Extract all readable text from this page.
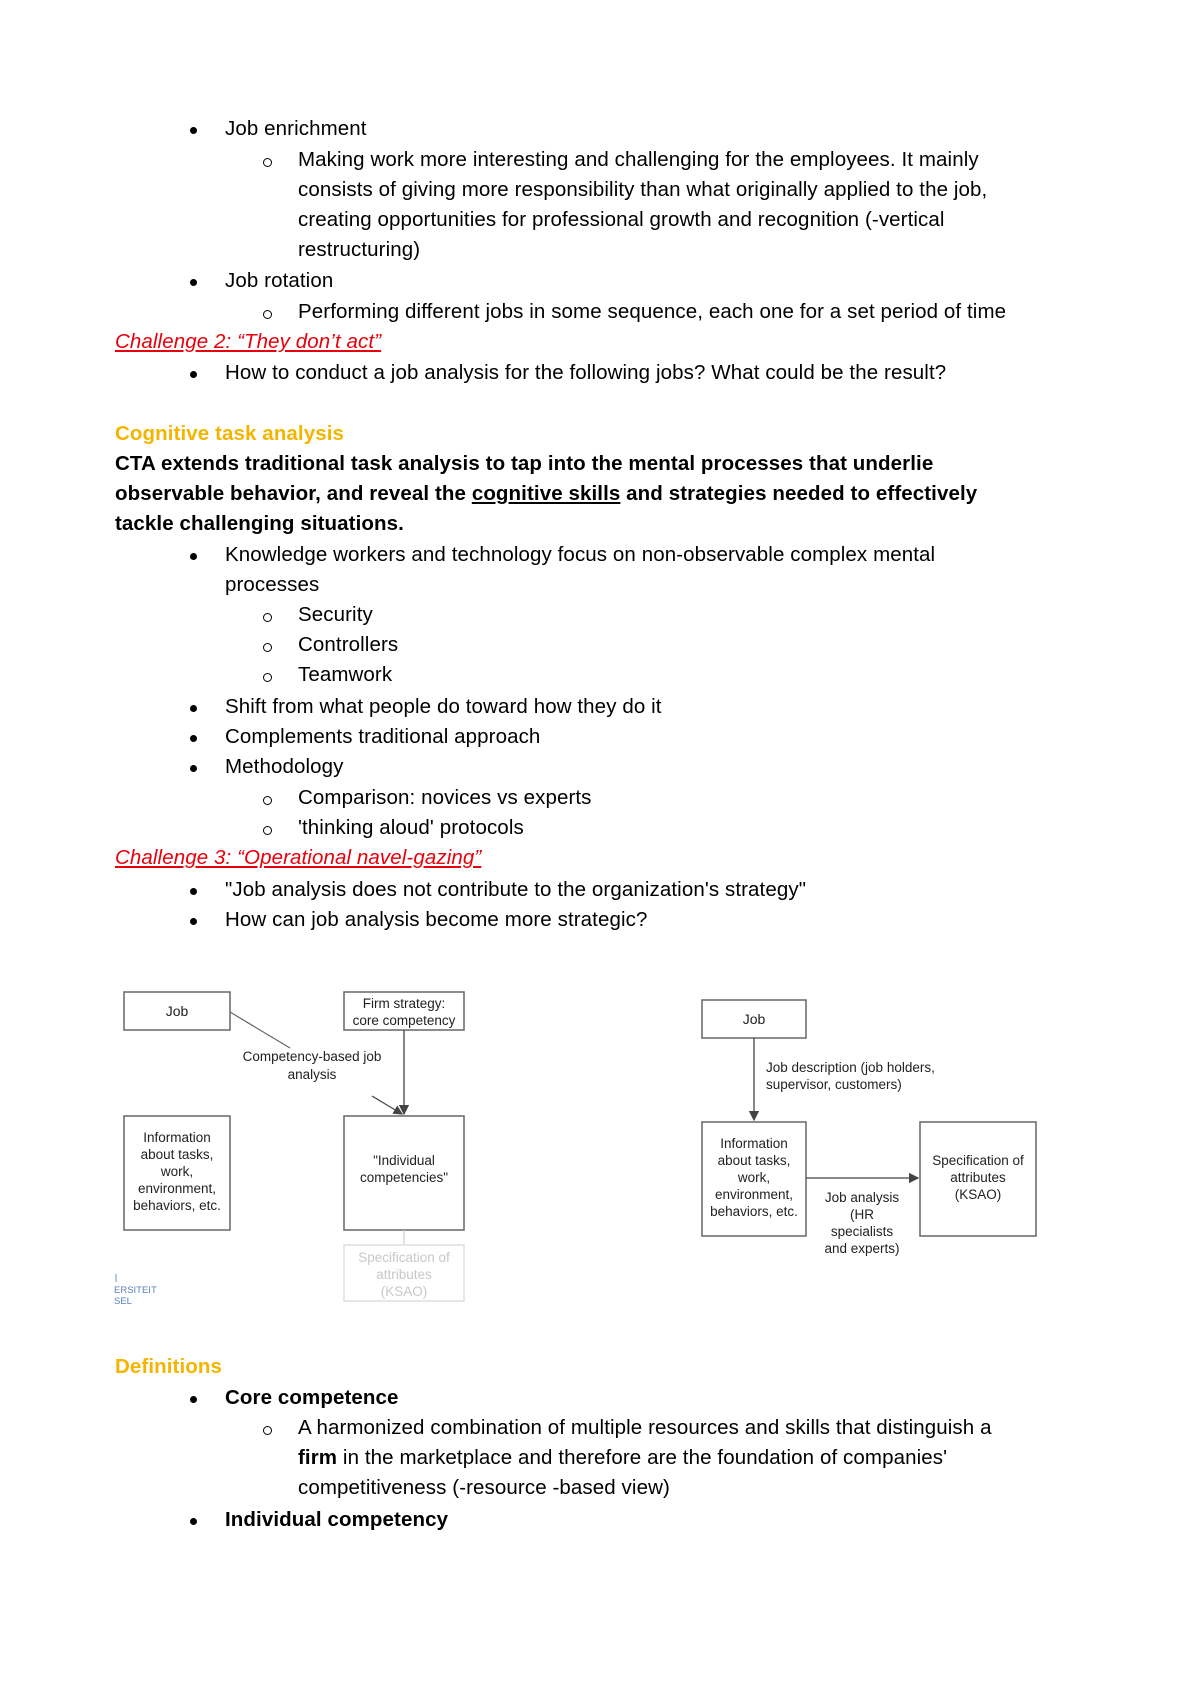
Job enrichment
Making work more interesting and challenging for the employees. It mainly
consists of giving more responsibility than what originally applied to the job,
creating opportunities for professional growth and recognition (-vertical
restructuring)
Job rotation
Performing different jobs in some sequence, each one for a set period of time
Challenge 2: “They don’t act”
How to conduct a job analysis for the following jobs? What could be the result?
Cognitive task analysis
CTA extends traditional task analysis to tap into the mental processes that underlie
observable behavior, and reveal the cognitive skills and strategies needed to effectively
tackle challenging situations.
Knowledge workers and technology focus on non-observable complex mental
processes
Security
Controllers
Teamwork
Shift from what people do toward how they do it
Complements traditional approach
Methodology
Comparison: novices vs experts
'thinking aloud' protocols
Challenge 3: “Operational navel-gazing”
"Job analysis does not contribute to the organization's strategy"
How can job analysis become more strategic?
Job	Firm strategy:
core competency
Competency-based job
analysis
Information
about tasks,
work,
environment,
behaviors, etc.
"Individual
competencies"
Specification of
attributes
(KSAO)
ERSITEIT
SEL
Job
Job description (job holders,
supervisor, customers)
Information
about tasks,
work,
environment,
behaviors, etc.
Job analysis
(HR
specialists
and experts)
Specification of
attributes
(KSAO)
Definitions
Core competence
A harmonized combination of multiple resources and skills that distinguish a
firm in the marketplace and therefore are the foundation of companies'
competitiveness (-resource -based view)
Individual competency
